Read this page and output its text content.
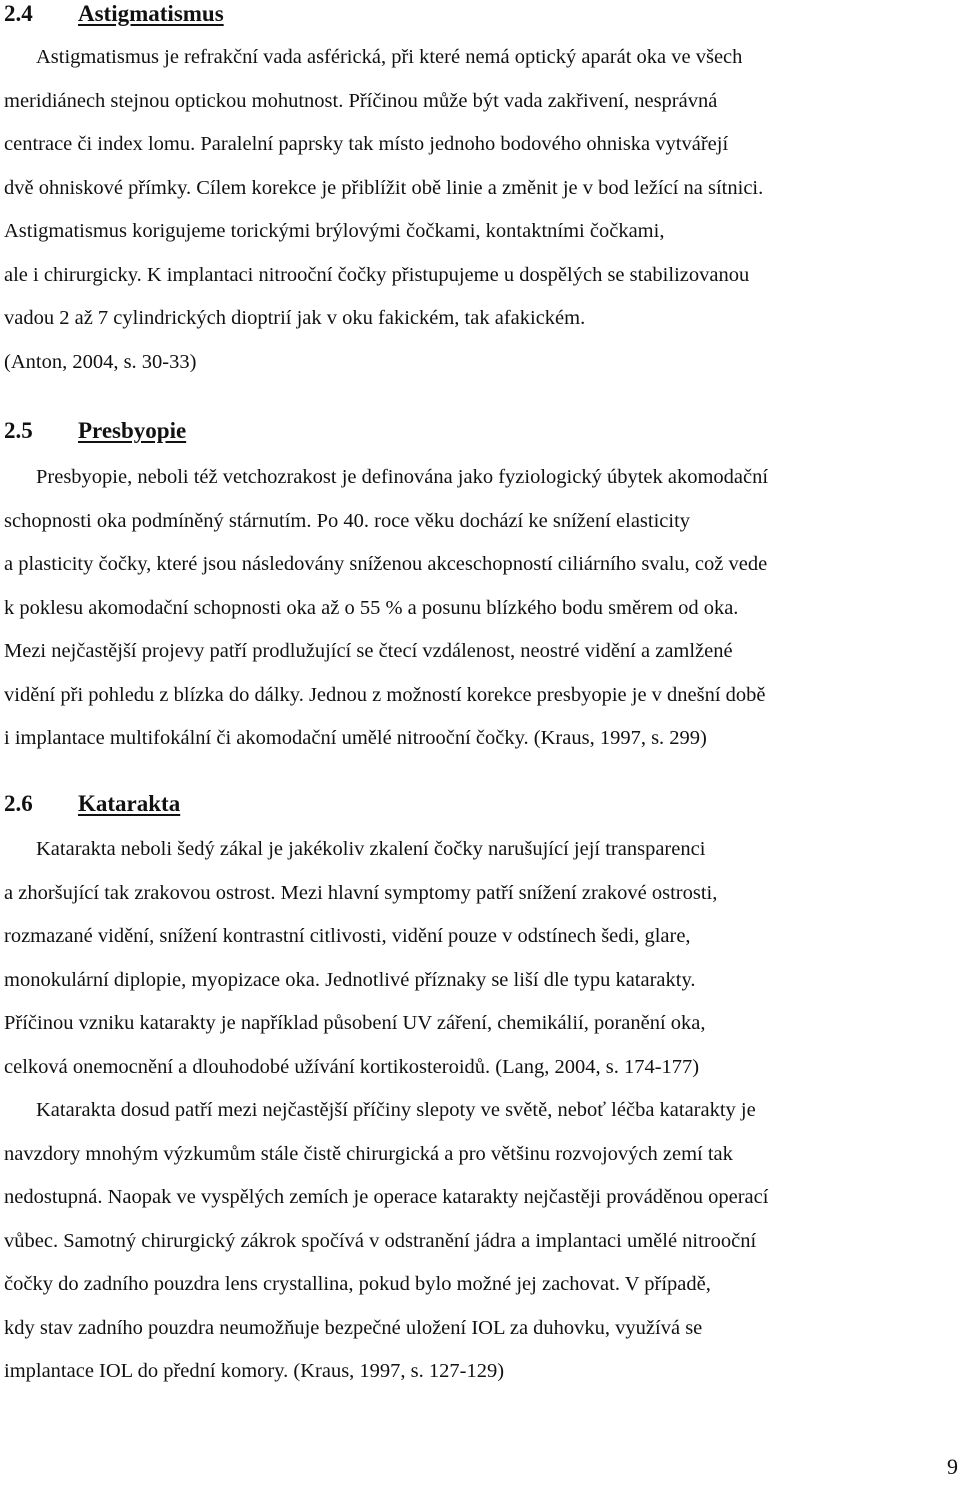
2.4 Astigmatismus

Astigmatismus je refrakční vada asférická, při které nemá optický aparát oka ve všech

meridiánech stejnou optickou mohutnost. Příčinou může být vada zakřivení, nesprávná

centrace či index lomu. Paralelní paprsky tak místo jednoho bodového ohniska vytvářejí

dvě ohniskové přímky. Cílem korekce je přiblížit obě linie a změnit je v bod ležící na sítnici.

Astigmatismus korigujeme torickými brýlovými čočkami, kontaktními čočkami,

ale i chirurgicky. K implantaci nitrooční čočky přistupujeme u dospělých se stabilizovanou

vadou 2 až 7 cylindrických dioptrií jak v oku fakickém, tak afakickém.

(Anton, 2004, s. 30-33)

2.5 Presbyopie

Presbyopie, neboli též vetchozrakost je definována jako fyziologický úbytek akomodační

schopnosti oka podmíněný stárnutím. Po 40. roce věku dochází ke snížení elasticity

a plasticity čočky, které jsou následovány sníženou akceschopností ciliárního svalu, což vede

k poklesu akomodační schopnosti oka až o 55 % a posunu blízkého bodu směrem od oka.

Mezi nejčastější projevy patří prodlužující se čtecí vzdálenost, neostré vidění a zamlžené

vidění při pohledu z blízka do dálky. Jednou z možností korekce presbyopie je v dnešní době

i implantace multifokální či akomodační umělé nitrooční čočky. (Kraus, 1997, s. 299)

2.6 Katarakta

Katarakta neboli šedý zákal je jakékoliv zkalení čočky narušující její transparenci

a zhoršující tak zrakovou ostrost. Mezi hlavní symptomy patří snížení zrakové ostrosti,

rozmazané vidění, snížení kontrastní citlivosti, vidění pouze v odstínech šedi, glare,

monokulární diplopie, myopizace oka. Jednotlivé příznaky se liší dle typu katarakty.

Příčinou vzniku katarakty je například působení UV záření, chemikálií, poranění oka,

celková onemocnění a dlouhodobé užívání kortikosteroidů. (Lang, 2004, s. 174-177)

Katarakta dosud patří mezi nejčastější příčiny slepoty ve světě, neboť léčba katarakty je

navzdory mnohým výzkumům stále čistě chirurgická a pro většinu rozvojových zemí tak

nedostupná. Naopak ve vyspělých zemích je operace katarakty nejčastěji prováděnou operací

vůbec. Samotný chirurgický zákrok spočívá v odstranění jádra a implantaci umělé nitrooční

čočky do zadního pouzdra lens crystallina, pokud bylo možné jej zachovat. V případě,

kdy stav zadního pouzdra neumožňuje bezpečné uložení IOL za duhovku, využívá se

implantace IOL do přední komory. (Kraus, 1997, s. 127-129)

9
